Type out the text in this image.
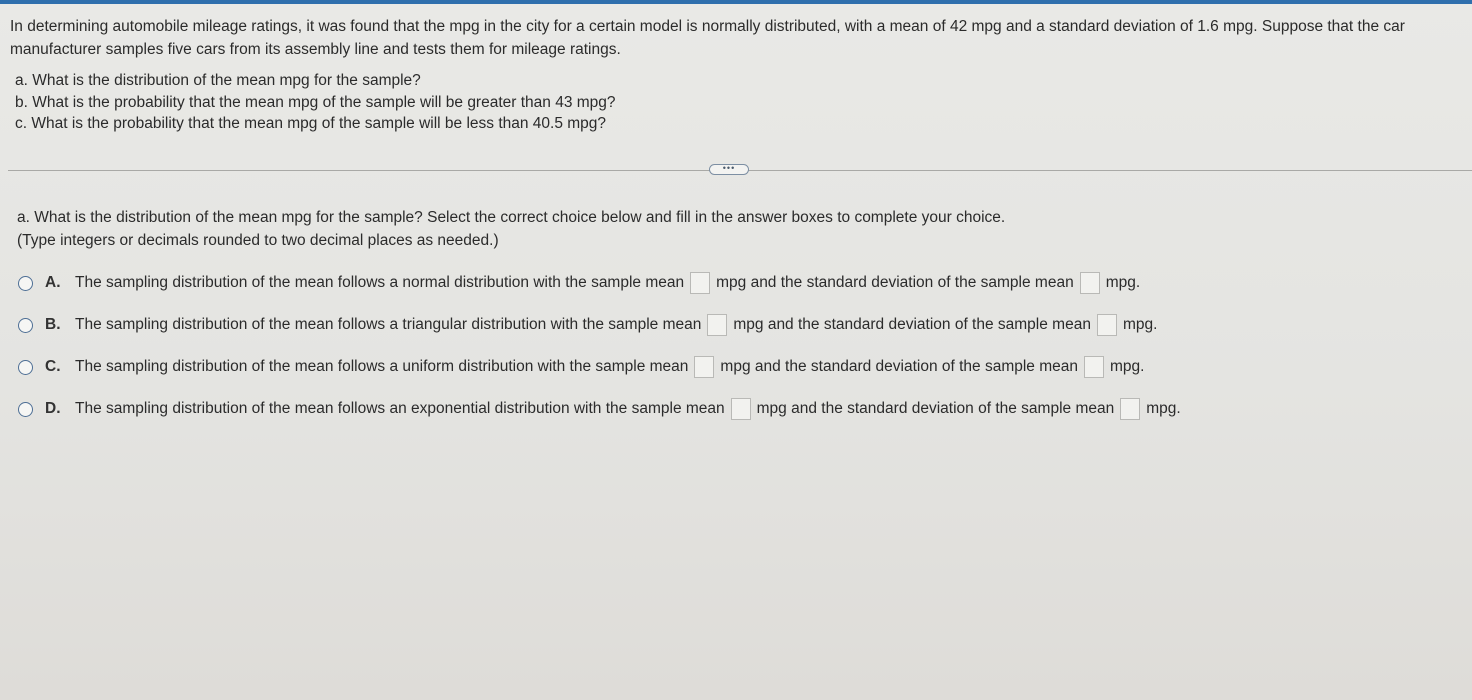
In determining automobile mileage ratings, it was found that the mpg in the city for a certain model is normally distributed, with a mean of 42 mpg and a standard deviation of 1.6 mpg. Suppose that the car manufacturer samples five cars from its assembly line and tests them for mileage ratings.

a. What is the distribution of the mean mpg for the sample?
b. What is the probability that the mean mpg of the sample will be greater than 43 mpg?
c. What is the probability that the mean mpg of the sample will be less than 40.5 mpg?
•••

a. What is the distribution of the mean mpg for the sample? Select the correct choice below and fill in the answer boxes to complete your choice.

(Type integers or decimals rounded to two decimal places as needed.)

A. The sampling distribution of the mean follows a normal distribution with the sample mean mpg and the standard deviation of the sample mean mpg.
B. The sampling distribution of the mean follows a triangular distribution with the sample mean mpg and the standard deviation of the sample mean mpg.
C. The sampling distribution of the mean follows a uniform distribution with the sample mean mpg and the standard deviation of the sample mean mpg.
D. The sampling distribution of the mean follows an exponential distribution with the sample mean mpg and the standard deviation of the sample mean mpg.
